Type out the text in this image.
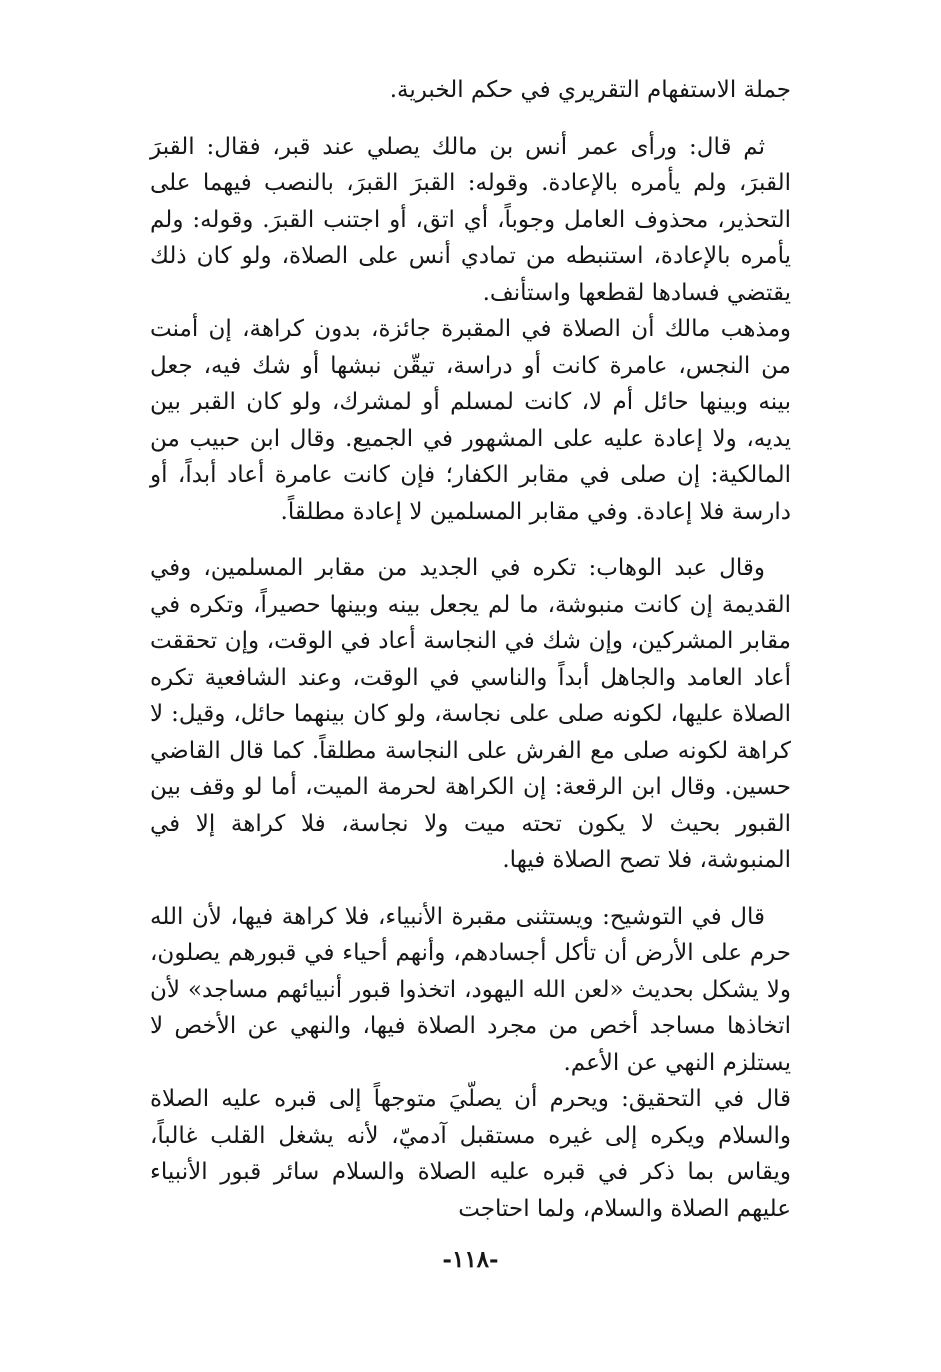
جملة الاستفهام التقريري في حكم الخبرية.

ثم قال: ورأى عمر أنس بن مالك يصلي عند قبر، فقال: القبرَ القبرَ، ولم يأمره بالإعادة. وقوله: القبرَ القبرَ، بالنصب فيهما على التحذير، محذوف العامل وجوباً، أي اتق، أو اجتنب القبرَ. وقوله: ولم يأمره بالإعادة، استنبطه من تمادي أنس على الصلاة، ولو كان ذلك يقتضي فسادها لقطعها واستأنف.

ومذهب مالك أن الصلاة في المقبرة جائزة، بدون كراهة، إن أمنت من النجس، عامرة كانت أو دراسة، تيقّن نبشها أو شك فيه، جعل بينه وبينها حائل أم لا، كانت لمسلم أو لمشرك، ولو كان القبر بين يديه، ولا إعادة عليه على المشهور في الجميع. وقال ابن حبيب من المالكية: إن صلى في مقابر الكفار؛ فإن كانت عامرة أعاد أبداً، أو دارسة فلا إعادة. وفي مقابر المسلمين لا إعادة مطلقاً.

وقال عبد الوهاب: تكره في الجديد من مقابر المسلمين، وفي القديمة إن كانت منبوشة، ما لم يجعل بينه وبينها حصيراً، وتكره في مقابر المشركين، وإن شك في النجاسة أعاد في الوقت، وإن تحققت أعاد العامد والجاهل أبداً والناسي في الوقت، وعند الشافعية تكره الصلاة عليها، لكونه صلى على نجاسة، ولو كان بينهما حائل، وقيل: لا كراهة لكونه صلى مع الفرش على النجاسة مطلقاً. كما قال القاضي حسين. وقال ابن الرقعة: إن الكراهة لحرمة الميت، أما لو وقف بين القبور بحيث لا يكون تحته ميت ولا نجاسة، فلا كراهة إلا في المنبوشة، فلا تصح الصلاة فيها.

قال في التوشيح: ويستثنى مقبرة الأنبياء، فلا كراهة فيها، لأن الله حرم على الأرض أن تأكل أجسادهم، وأنهم أحياء في قبورهم يصلون، ولا يشكل بحديث «لعن الله اليهود، اتخذوا قبور أنبيائهم مساجد» لأن اتخاذها مساجد أخص من مجرد الصلاة فيها، والنهي عن الأخص لا يستلزم النهي عن الأعم.

قال في التحقيق: ويحرم أن يصلّيَ متوجهاً إلى قبره عليه الصلاة والسلام ويكره إلى غيره مستقبل آدميّ، لأنه يشغل القلب غالباً، ويقاس بما ذكر في قبره عليه الصلاة والسلام سائر قبور الأنبياء عليهم الصلاة والسلام، ولما احتاجت

-١١٨-
